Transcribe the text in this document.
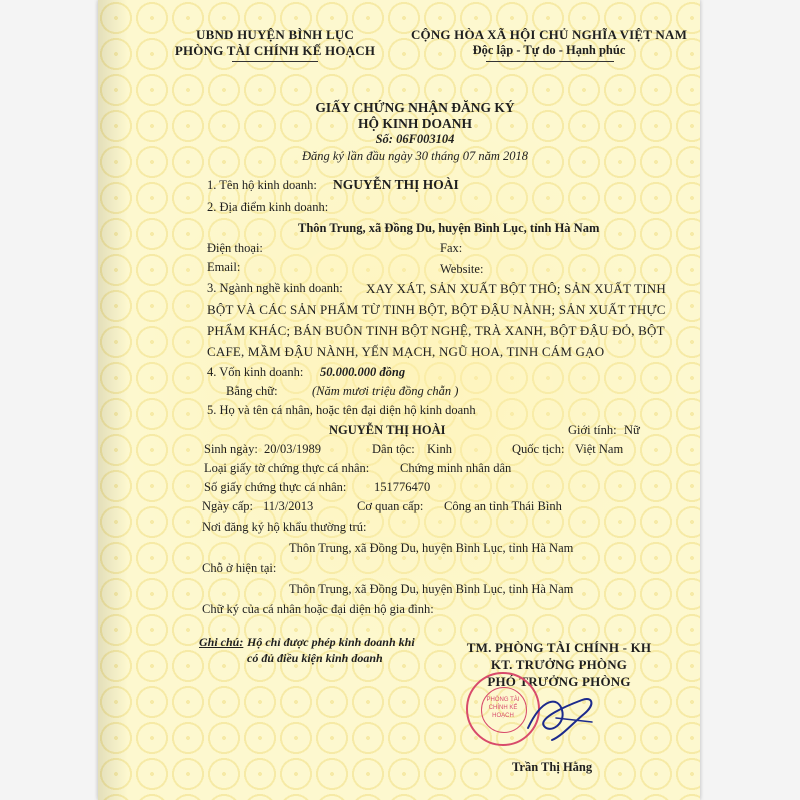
UBND HUYỆN BÌNH LỤC
PHÒNG TÀI CHÍNH KẾ HOẠCH
CỘNG HÒA XÃ HỘI CHỦ NGHĨA VIỆT NAM
Độc lập - Tự do - Hạnh phúc
GIẤY CHỨNG NHẬN ĐĂNG KÝ
HỘ KINH DOANH
Số: 06F003104
Đăng ký lần đầu ngày 30 tháng 07 năm 2018
1. Tên hộ kinh doanh: NGUYỄN THỊ HOÀI
2. Địa điểm kinh doanh:
Thôn Trung, xã Đồng Du, huyện Bình Lục, tỉnh Hà Nam
Điện thoại:	Fax:
Email:	Website:
3. Ngành nghề kinh doanh: XAY XÁT, SẢN XUẤT BỘT THÔ; SẢN XUẤT TINH
BỘT VÀ CÁC SẢN PHẨM TỪ TINH BỘT, BỘT ĐẬU NÀNH; SẢN XUẤT THỰC
PHẨM KHÁC; BÁN BUÔN TINH BỘT NGHỆ, TRÀ XANH, BỘT ĐẬU ĐỎ, BỘT
CAFE, MẦM ĐẬU NÀNH, YẾN MẠCH, NGŨ HOA, TINH CÁM GẠO
4. Vốn kinh doanh: 50.000.000 đồng
Bằng chữ:	(Năm mươi triệu đồng chẵn )
5. Họ và tên cá nhân, hoặc tên đại diện hộ kinh doanh
NGUYỄN THỊ HOÀI	Giới tính: Nữ
Sinh ngày: 20/03/1989	Dân tộc: Kinh	Quốc tịch: Việt Nam
Loại giấy tờ chứng thực cá nhân: Chứng minh nhân dân
Số giấy chứng thực cá nhân: 151776470
Ngày cấp: 11/3/2013	Cơ quan cấp: Công an tỉnh Thái Bình
Nơi đăng ký hộ khẩu thường trú:
Thôn Trung, xã Đồng Du, huyện Bình Lục, tỉnh Hà Nam
Chỗ ở hiện tại:
Thôn Trung, xã Đồng Du, huyện Bình Lục, tỉnh Hà Nam
Chữ ký của cá nhân hoặc đại diện hộ gia đình:
Ghi chú: Hộ chỉ được phép kinh doanh khi
có đủ điều kiện kinh doanh
TM. PHÒNG TÀI CHÍNH - KH
KT. TRƯỞNG PHÒNG
PHÓ TRƯỞNG PHÒNG
PHÒNG TÀI CHÍNH KẾ HOẠCH
Trần Thị Hằng
